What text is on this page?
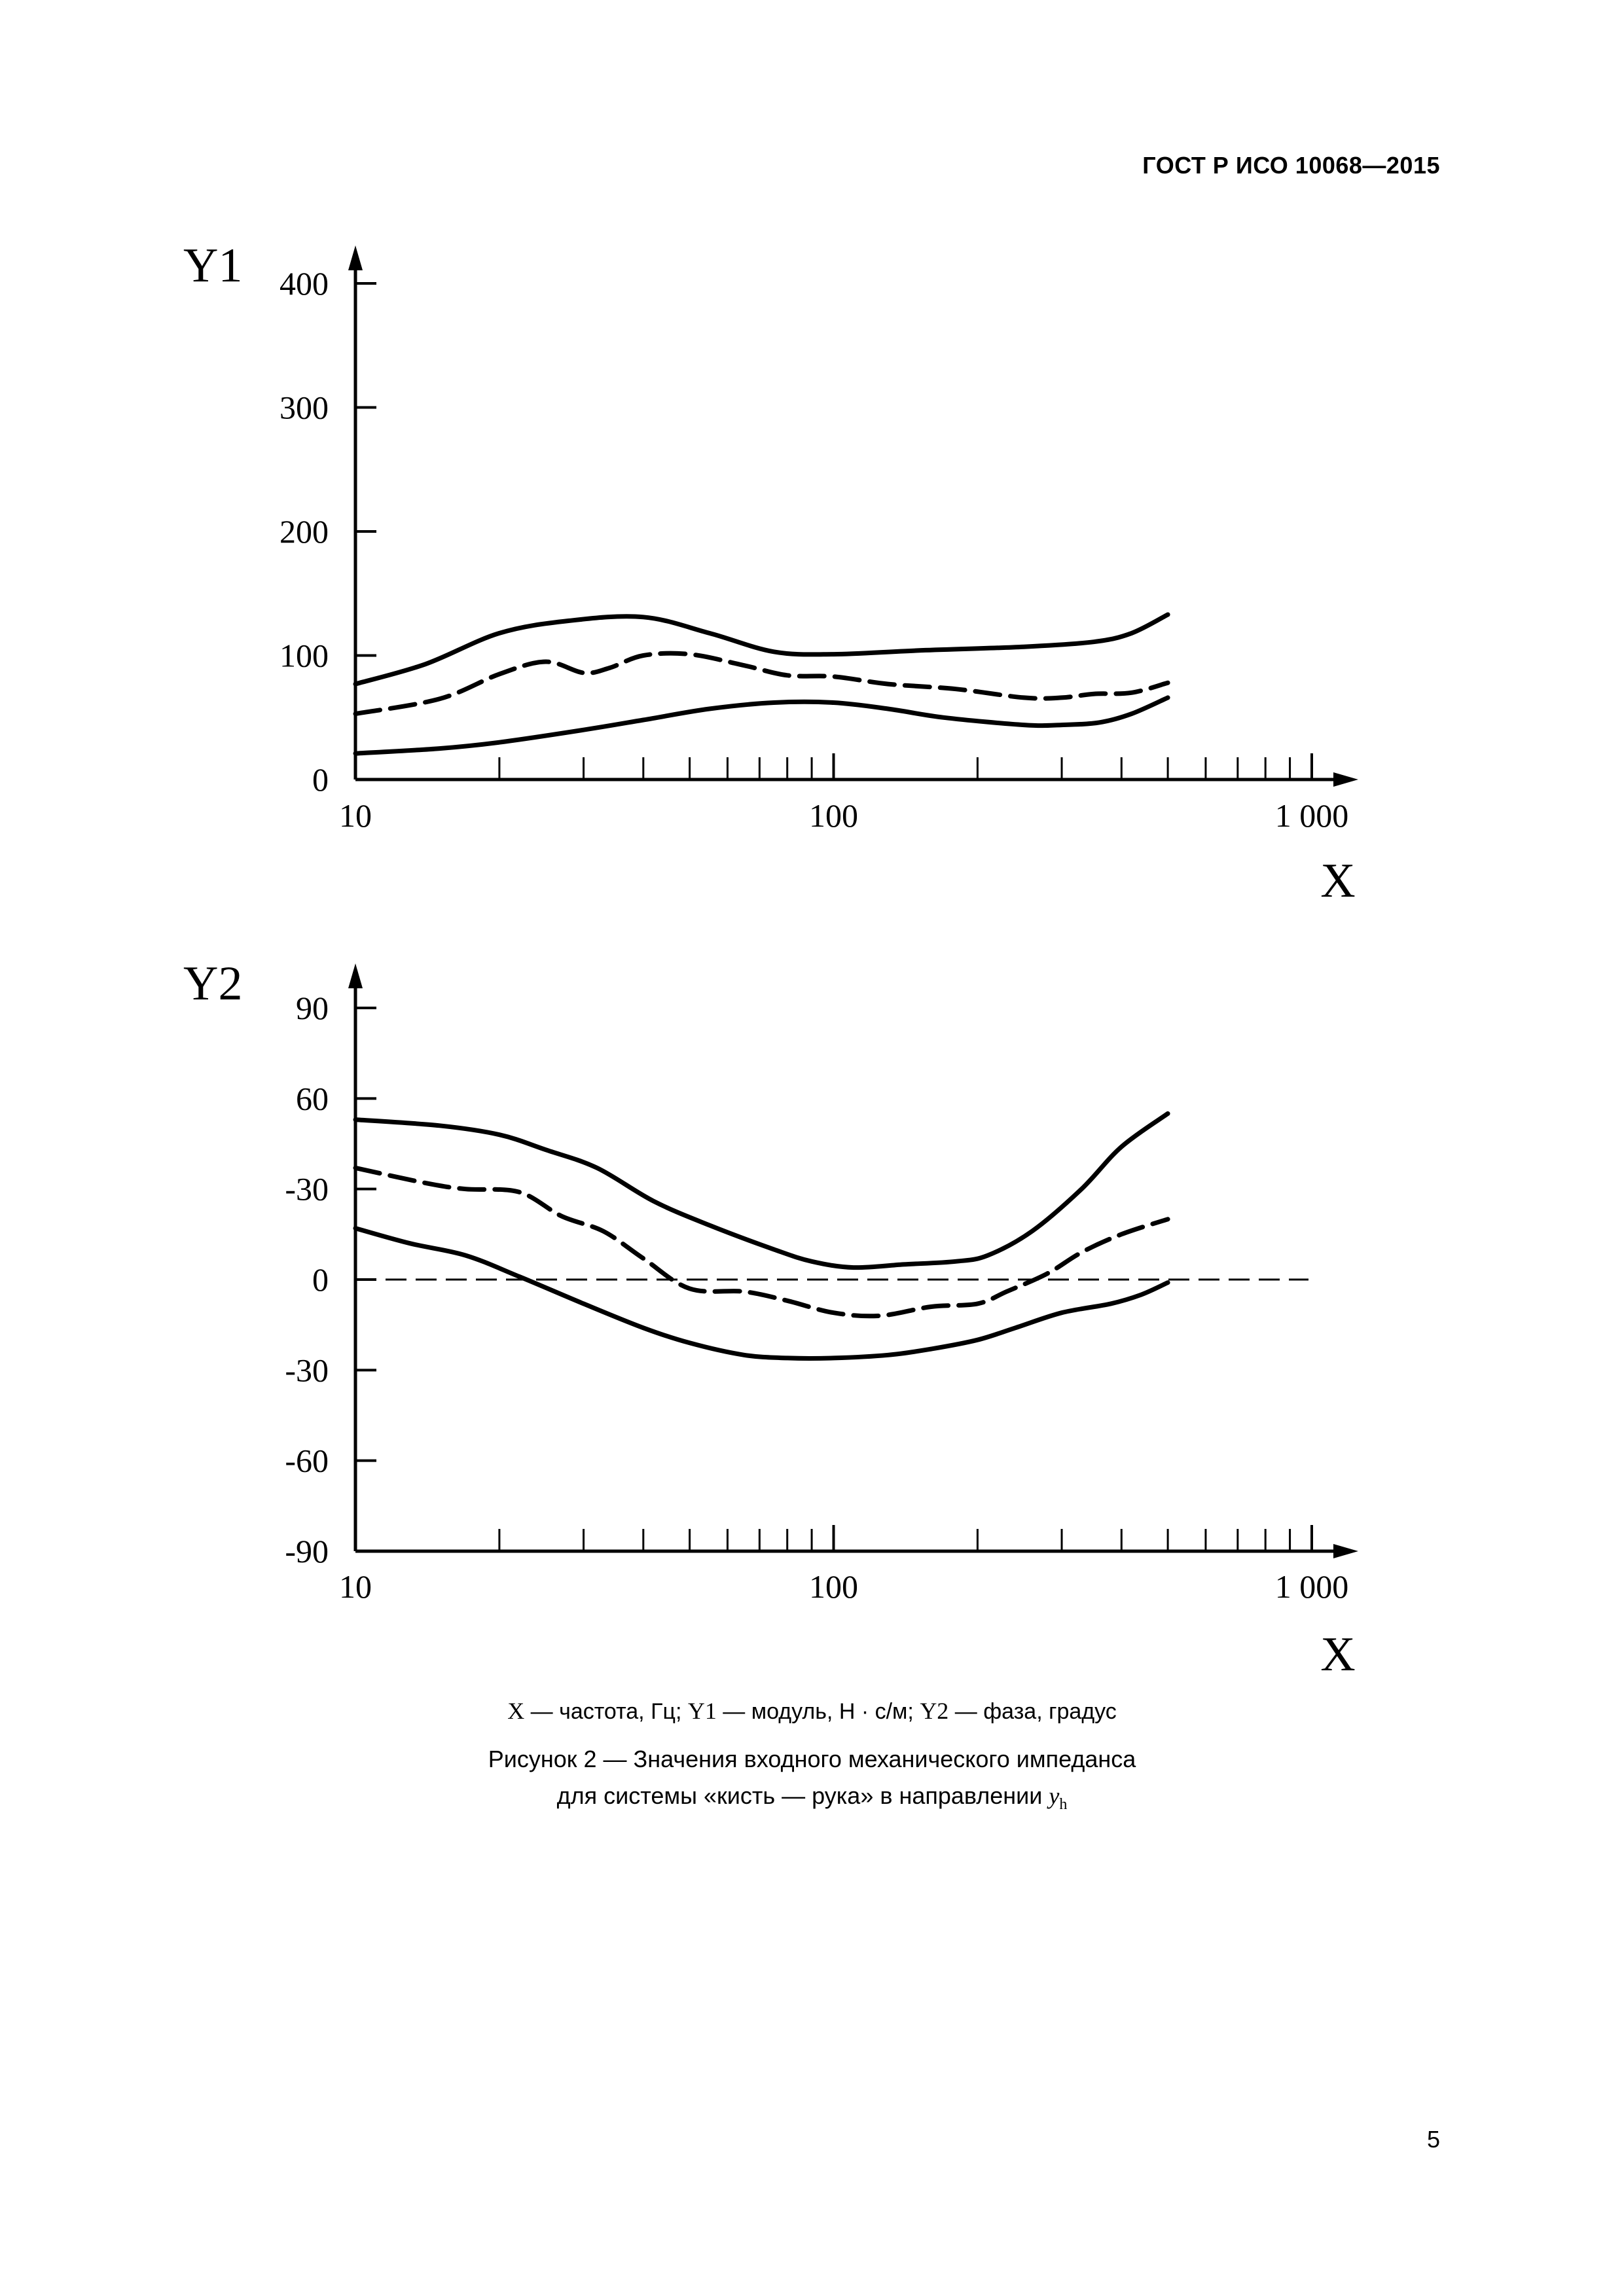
ГОСТ Р ИСО 10068—2015
0
100
200
300
400
10	100	1 000
Y1
X
-90
-60
-30
0
-30
60
90
10	100	1 000
Y2
X
X — частота, Гц; Y1 — модуль, Н · с/м; Y2 — фаза, градус
Рисунок 2 — Значения входного механического импеданса
для системы «кисть — рука» в направлении $y_h$
5
